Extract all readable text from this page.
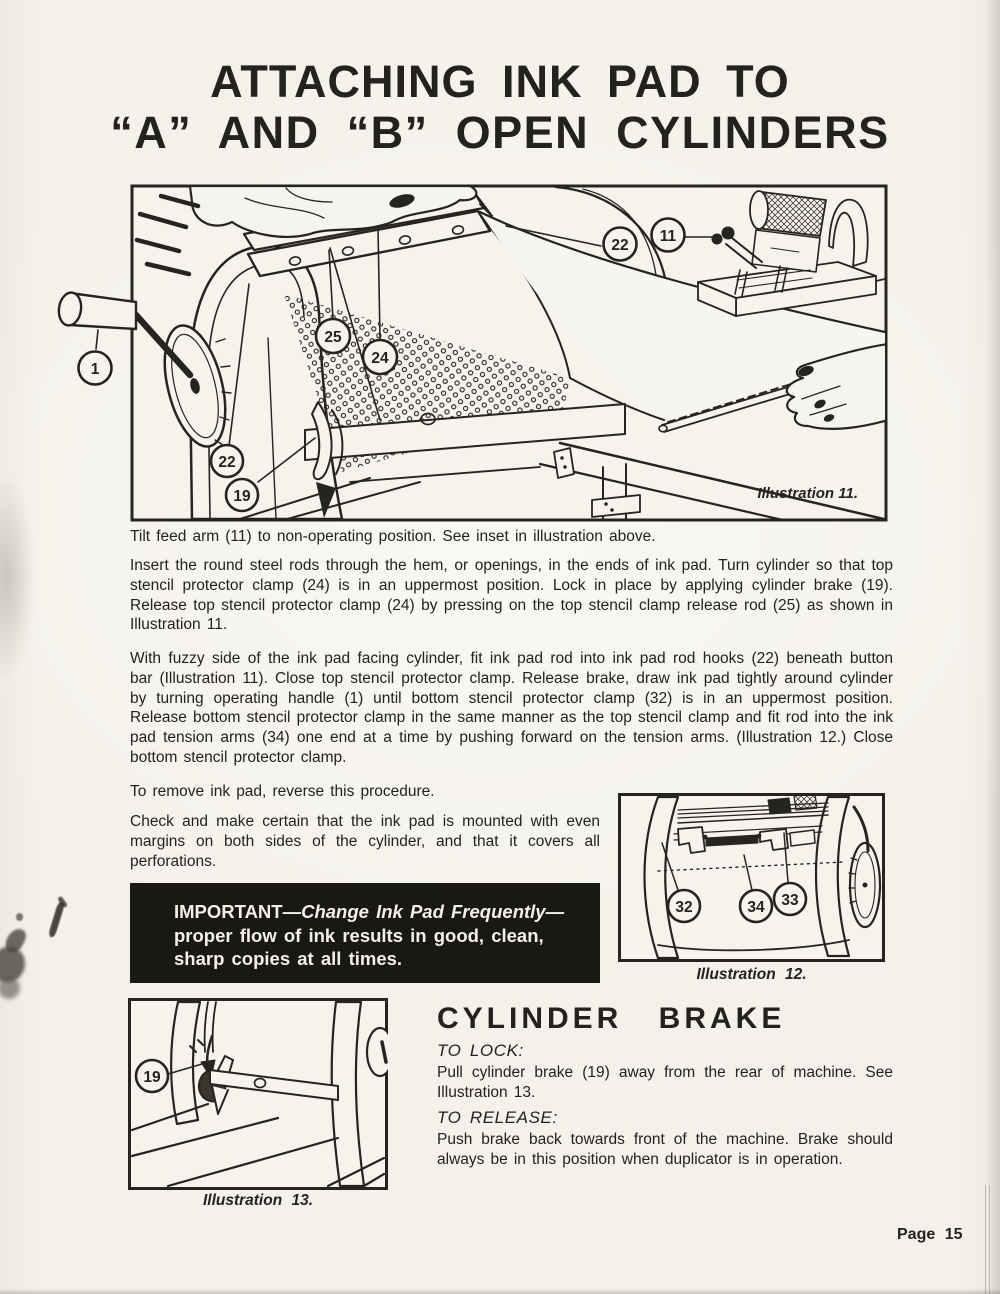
ATTACHING INK PAD TO
“A” AND “B” OPEN CYLINDERS
1
22
19
25
24
22
11
Illustration 11.
Tilt feed arm (11) to non-operating position. See inset in illustration above.
Insert the round steel rods through the hem, or openings, in the ends of ink pad. Turn cylinder so that top stencil protector clamp (24) is in an uppermost position. Lock in place by applying cylinder brake (19). Release top stencil protector clamp (24) by pressing on the top stencil clamp release rod (25) as shown in Illustration 11.
With fuzzy side of the ink pad facing cylinder, fit ink pad rod into ink pad rod hooks (22) beneath button bar (Illustration 11). Close top stencil protector clamp. Release brake, draw ink pad tightly around cylinder by turning operating handle (1) until bottom stencil protector clamp (32) is in an uppermost position. Release bottom stencil protector clamp in the same manner as the top stencil clamp and fit rod into the ink pad tension arms (34) one end at a time by pushing forward on the tension arms. (Illustration 12.) Close bottom stencil protector clamp.
To remove ink pad, reverse this procedure.
Check and make certain that the ink pad is mounted with even margins on both sides of the cylinder, and that it covers all perforations.
IMPORTANT—Change Ink Pad Frequently— proper flow of ink results in good, clean, sharp copies at all times.
32	34 33
Illustration 12.
19
Illustration 13.
CYLINDER BRAKE
TO LOCK:
Pull cylinder brake (19) away from the rear of machine. See Illustration 13.
TO RELEASE:
Push brake back towards front of the machine. Brake should always be in this position when duplicator is in operation.
Page 15
